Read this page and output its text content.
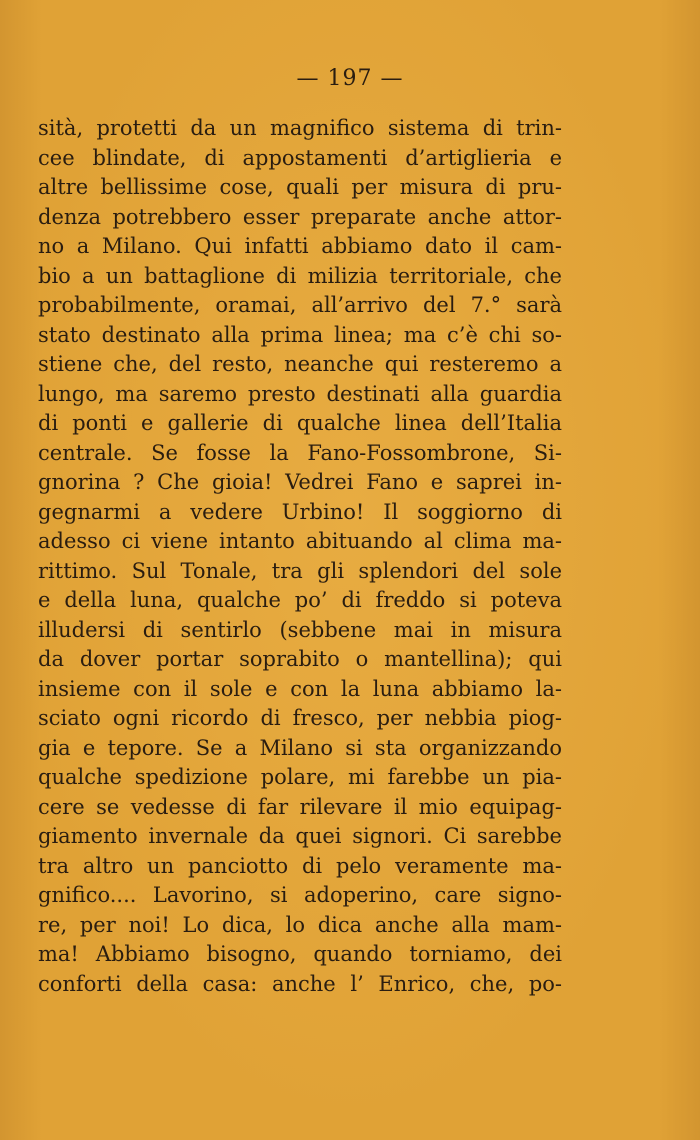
— 197 —
sità, protetti da un magnifico sistema di trin-
cee blindate, di appostamenti d’artiglieria e
altre bellissime cose, quali per misura di pru-
denza potrebbero esser preparate anche attor-
no a Milano. Qui infatti abbiamo dato il cam-
bio a un battaglione di milizia territoriale, che
probabilmente, oramai, all’arrivo del 7.° sarà
stato destinato alla prima linea; ma c’è chi so-
stiene che, del resto, neanche qui resteremo a
lungo, ma saremo presto destinati alla guardia
di ponti e gallerie di qualche linea dell’Italia
centrale. Se fosse la Fano-Fossombrone, Si-
gnorina ? Che gioia! Vedrei Fano e saprei in-
gegnarmi a vedere Urbino! Il soggiorno di
adesso ci viene intanto abituando al clima ma-
rittimo. Sul Tonale, tra gli splendori del sole
e della luna, qualche po’ di freddo si poteva
illudersi di sentirlo (sebbene mai in misura
da dover portar soprabito o mantellina); qui
insieme con il sole e con la luna abbiamo la-
sciato ogni ricordo di fresco, per nebbia piog-
gia e tepore. Se a Milano si sta organizzando
qualche spedizione polare, mi farebbe un pia-
cere se vedesse di far rilevare il mio equipag-
giamento invernale da quei signori. Ci sarebbe
tra altro un panciotto di pelo veramente ma-
gnifico.... Lavorino, si adoperino, care signo-
re, per noi! Lo dica, lo dica anche alla mam-
ma! Abbiamo bisogno, quando torniamo, dei
conforti della casa: anche l’ Enrico, che, po-
